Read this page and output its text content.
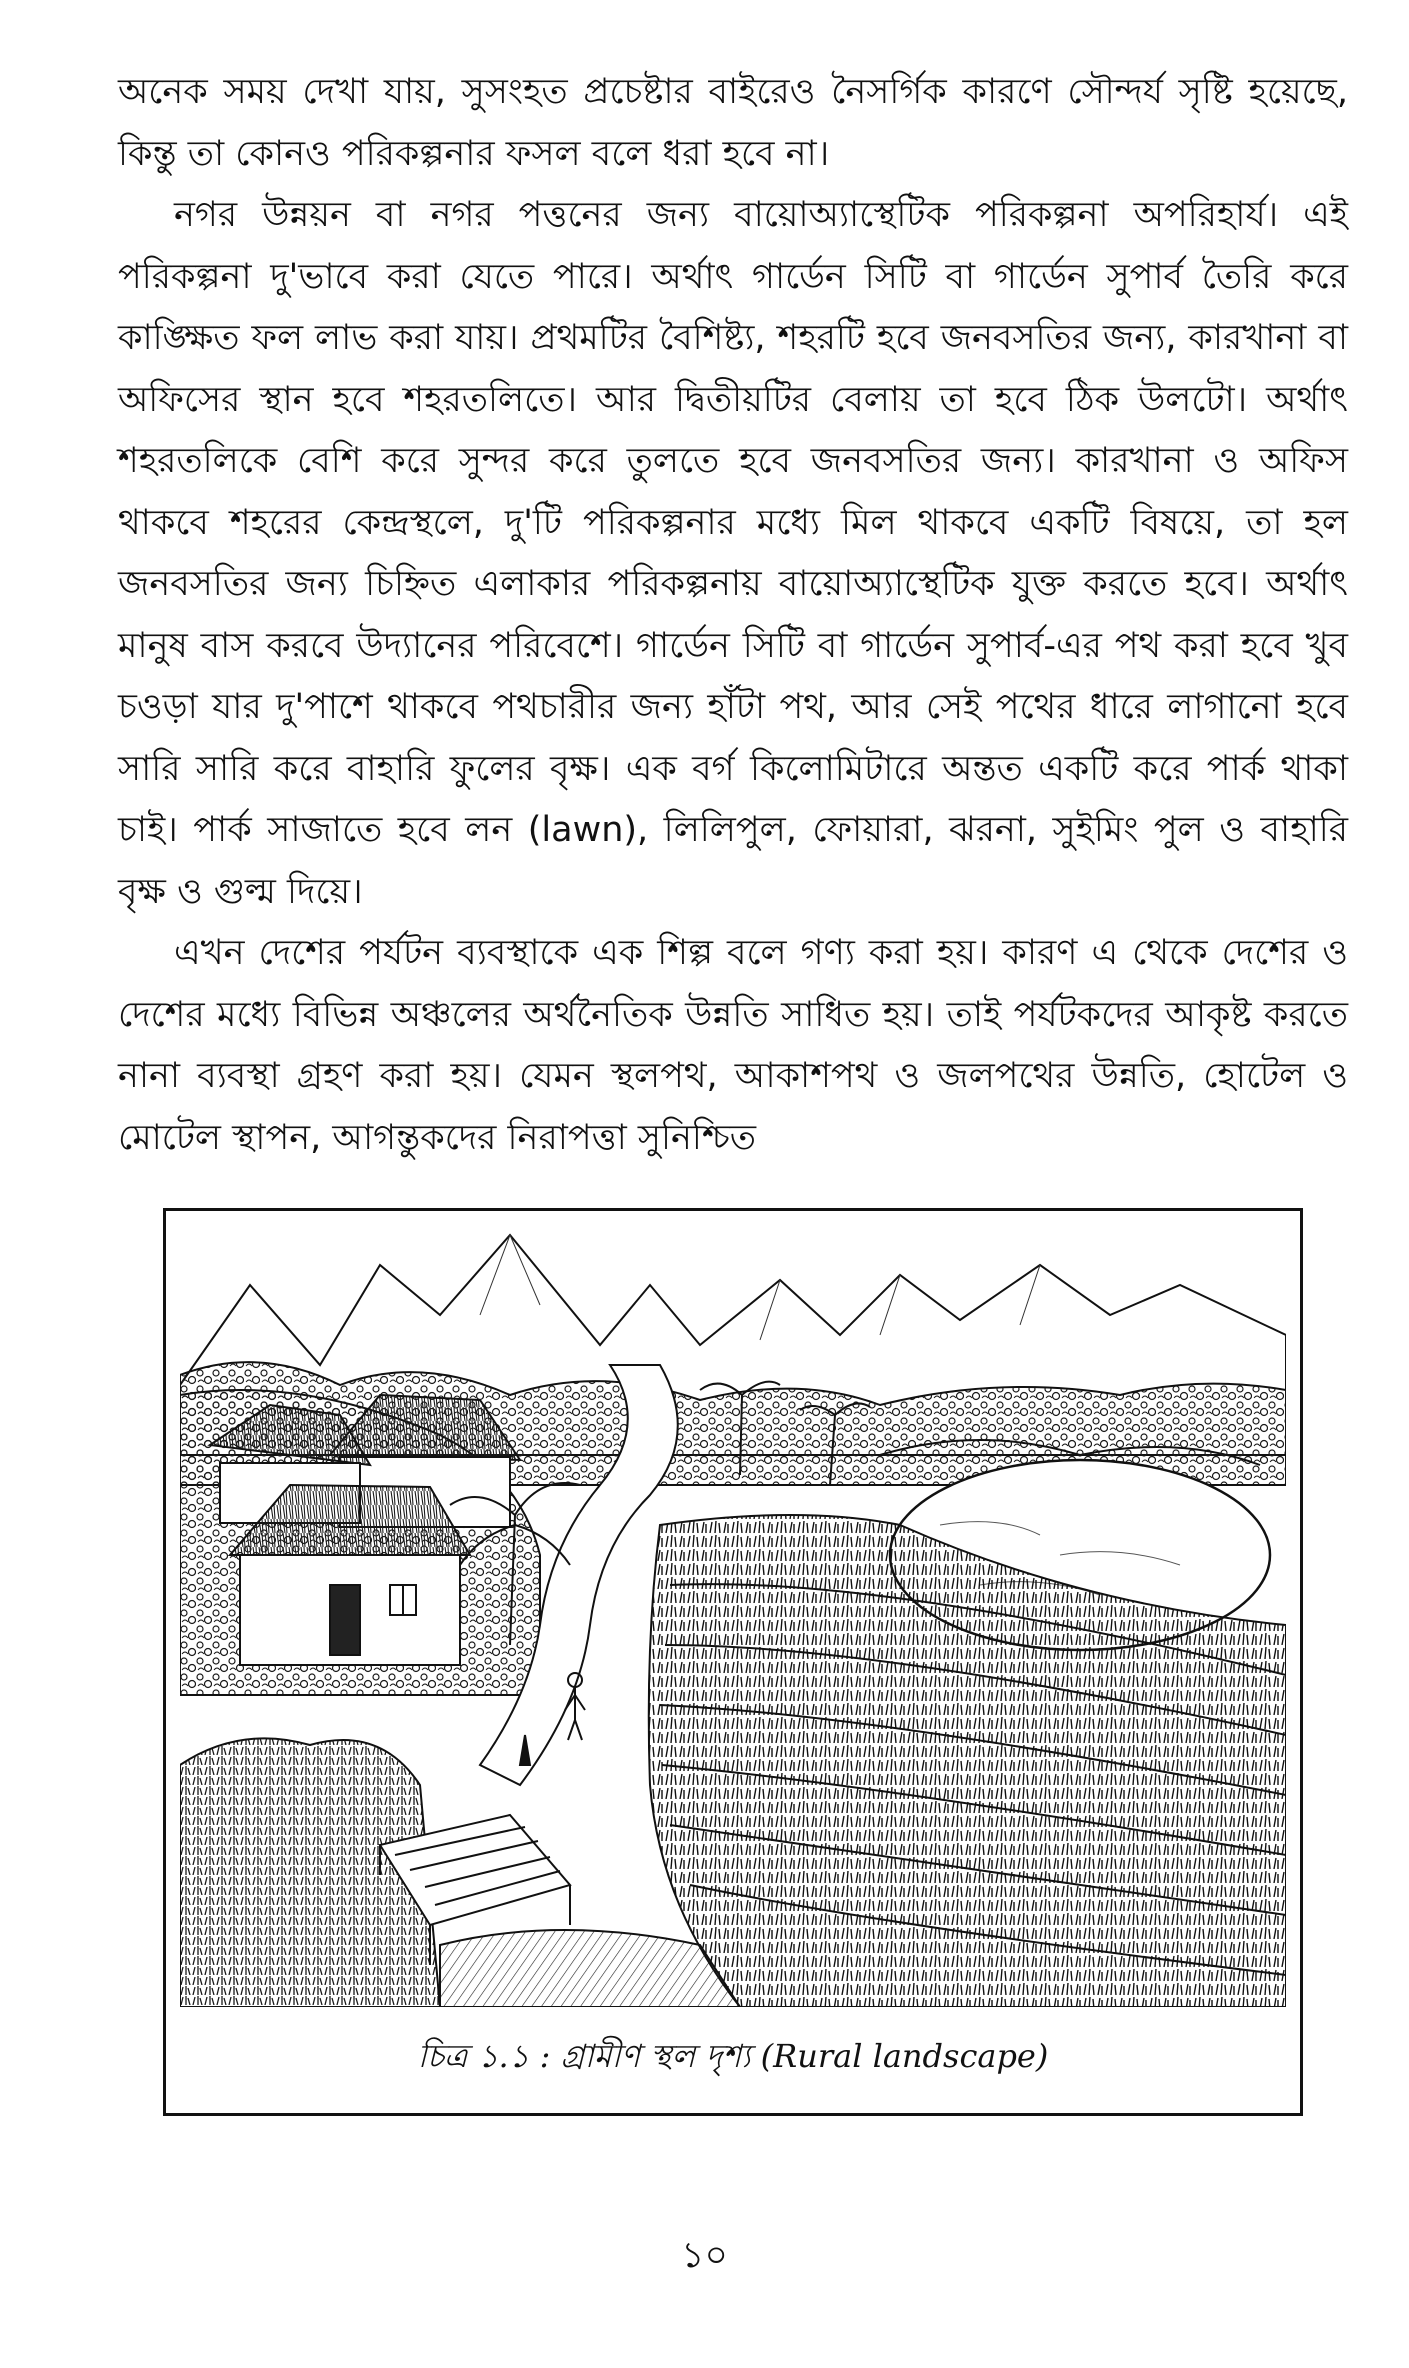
অনেক সময় দেখা যায়, সুসংহত প্রচেষ্টার বাইরেও নৈসর্গিক কারণে সৌন্দর্য সৃষ্টি হয়েছে, কিন্তু তা কোনও পরিকল্পনার ফসল বলে ধরা হবে না।

নগর উন্নয়ন বা নগর পত্তনের জন্য বায়োঅ্যাস্থেটিক পরিকল্পনা অপরিহার্য। এই পরিকল্পনা দু'ভাবে করা যেতে পারে। অর্থাৎ গার্ডেন সিটি বা গার্ডেন সুপার্ব তৈরি করে কাঙ্ক্ষিত ফল লাভ করা যায়। প্রথমটির বৈশিষ্ট্য, শহরটি হবে জনবসতির জন্য, কারখানা বা অফিসের স্থান হবে শহরতলিতে। আর দ্বিতীয়টির বেলায় তা হবে ঠিক উলটো। অর্থাৎ শহরতলিকে বেশি করে সুন্দর করে তুলতে হবে জনবসতির জন্য। কারখানা ও অফিস থাকবে শহরের কেন্দ্রস্থলে, দু'টি পরিকল্পনার মধ্যে মিল থাকবে একটি বিষয়ে, তা হল জনবসতির জন্য চিহ্নিত এলাকার পরিকল্পনায় বায়োঅ্যাস্থেটিক যুক্ত করতে হবে। অর্থাৎ মানুষ বাস করবে উদ্যানের পরিবেশে। গার্ডেন সিটি বা গার্ডেন সুপার্ব-এর পথ করা হবে খুব চওড়া যার দু'পাশে থাকবে পথচারীর জন্য হাঁটা পথ, আর সেই পথের ধারে লাগানো হবে সারি সারি করে বাহারি ফুলের বৃক্ষ। এক বর্গ কিলোমিটারে অন্তত একটি করে পার্ক থাকা চাই। পার্ক সাজাতে হবে লন (lawn), লিলিপুল, ফোয়ারা, ঝরনা, সুইমিং পুল ও বাহারি বৃক্ষ ও গুল্ম দিয়ে।

এখন দেশের পর্যটন ব্যবস্থাকে এক শিল্প বলে গণ্য করা হয়। কারণ এ থেকে দেশের ও দেশের মধ্যে বিভিন্ন অঞ্চলের অর্থনৈতিক উন্নতি সাধিত হয়। তাই পর্যটকদের আকৃষ্ট করতে নানা ব্যবস্থা গ্রহণ করা হয়। যেমন স্থলপথ, আকাশপথ ও জলপথের উন্নতি, হোটেল ও মোটেল স্থাপন, আগন্তুকদের নিরাপত্তা সুনিশ্চিত

চিত্র ১.১ : গ্রামীণ স্থল দৃশ্য (Rural landscape)
১০
